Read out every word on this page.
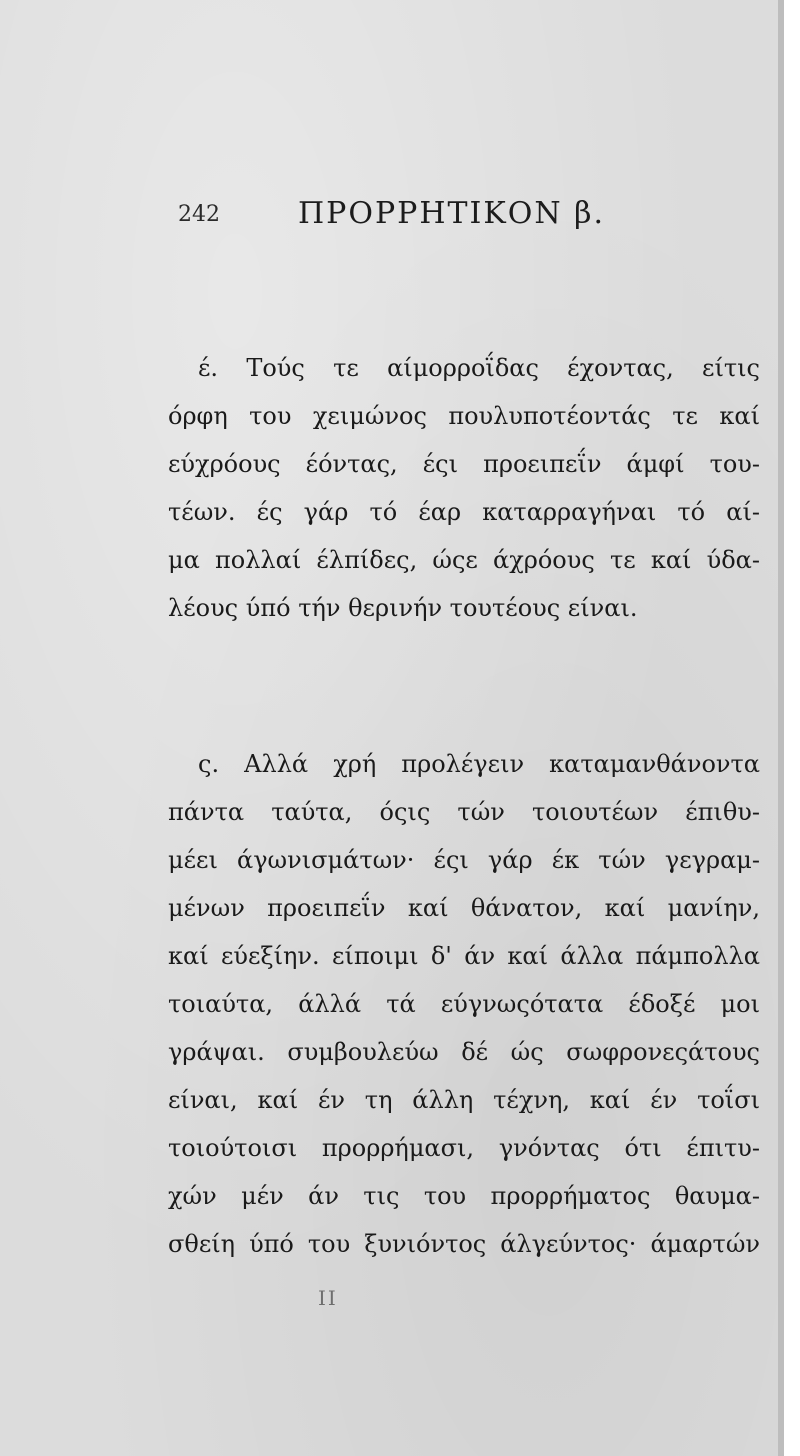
242	ΠΡΟΡΡΗΤΙΚΟΝ β.

έ. Τούς τε αίμορροΐδας έχοντας, είτις
όρφη του χειμώνος πουλυποτέοντάς τε καί
εύχρόους έόντας, έςι προειπεΐν άμφί του-
τέων. ές γάρ τό έαρ καταρραγήναι τό αί-
μα πολλαί έλπίδες, ώςε άχρόους τε καί ύδα-
λέους ύπό τήν θερινήν τουτέους είναι.

ς. Αλλά χρή προλέγειν καταμανθάνοντα
πάντα ταύτα, όςις τών τοιουτέων έπιθυ-
μέει άγωνισμάτων· έςι γάρ έκ τών γεγραμ-
μένων προειπεΐν καί θάνατον, καί μανίην,
καί εύεξίην. είποιμι δ' άν καί άλλα πάμπολλα
τοιαύτα, άλλά τά εύγνωςότατα έδοξέ μοι
γράψαι. συμβουλεύω δέ ώς σωφρονεςάτους
είναι, καί έν τη άλλη τέχνη, καί έν τοΐσι
τοιούτοισι προρρήμασι, γνόντας ότι έπιτυ-
χών μέν άν τις του προρρήματος θαυμα-
σθείη ύπό του ξυνιόντος άλγεύντος· άμαρτών

II
